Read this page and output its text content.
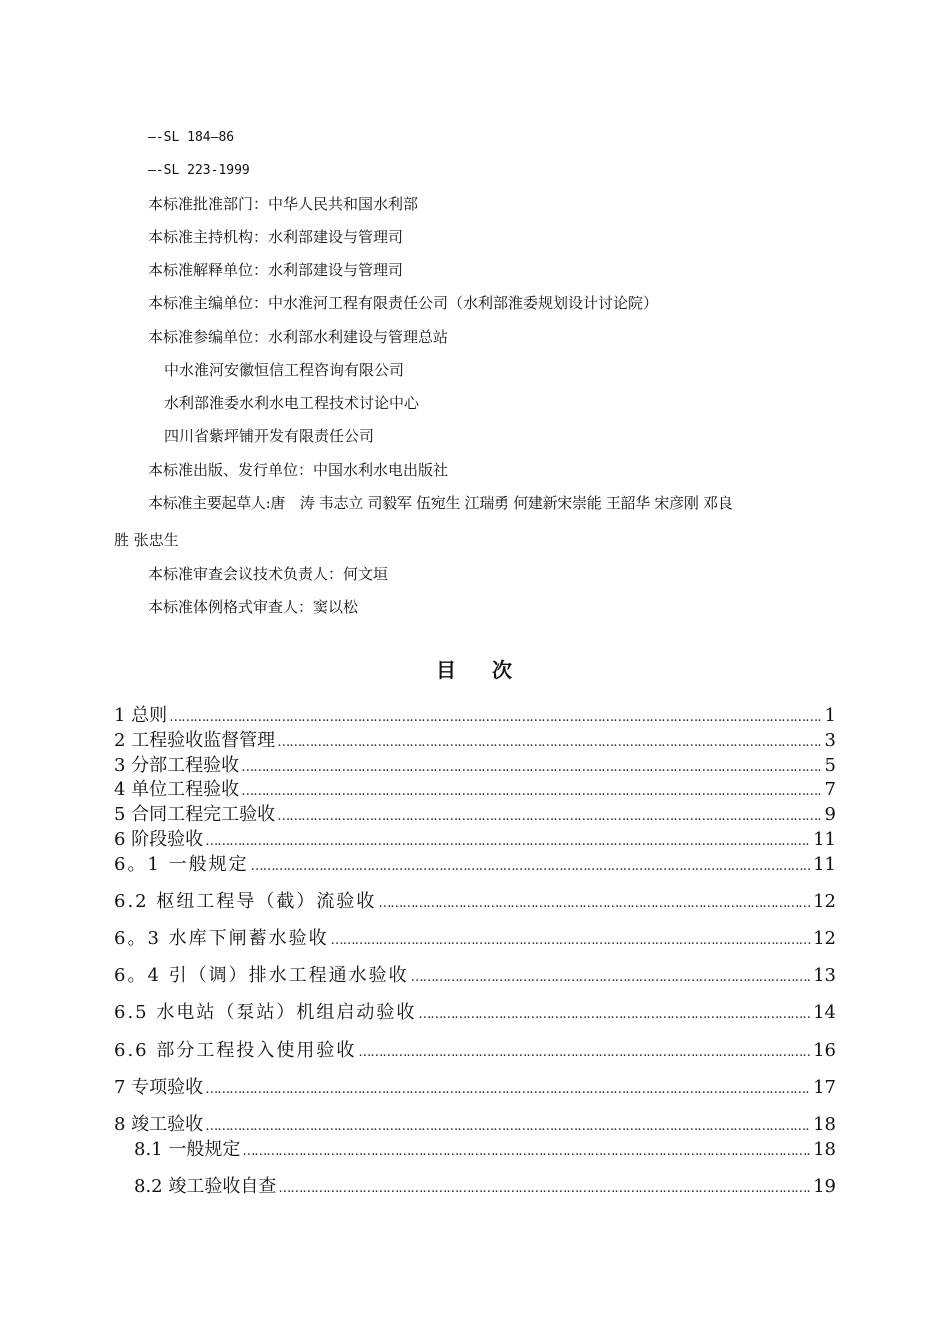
—-SL 184—86
—-SL 223-1999
本标准批准部门：中华人民共和国水利部
本标准主持机构：水利部建设与管理司
本标准解释单位：水利部建设与管理司
本标准主编单位：中水淮河工程有限责任公司（水利部淮委规划设计讨论院）
本标准参编单位：水利部水利建设与管理总站
中水淮河安徽恒信工程咨询有限公司
水利部淮委水利水电工程技术讨论中心
四川省紫坪铺开发有限责任公司
本标准出版、发行单位：中国水利水电出版社
本标准主要起草人:唐　涛 韦志立 司毅军 伍宛生 江瑞勇 何建新宋崇能 王韶华 宋彦刚 邓良
胜 张忠生
本标准审查会议技术负责人：何文垣
本标准体例格式审查人：窦以松
目 次
1 总则 …………………………………………………………………………………………………………………………………………………………………………………………………………………	1
2 工程验收监督管理 …………………………………………………………………………………………………………………………………………………………………………………………………………………	3
3 分部工程验收 …………………………………………………………………………………………………………………………………………………………………………………………………………………	5
4 单位工程验收 …………………………………………………………………………………………………………………………………………………………………………………………………………………	7
5 合同工程完工验收 …………………………………………………………………………………………………………………………………………………………………………………………………………………	9
6 阶段验收 …………………………………………………………………………………………………………………………………………………………………………………………………………………	11
6。1 一般规定 …………………………………………………………………………………………………………………………………………………………………………………………………………………	11
6.2 枢纽工程导（截）流验收 …………………………………………………………………………………………………………………………………………………………………………………………………………………	12
6。3 水库下闸蓄水验收 …………………………………………………………………………………………………………………………………………………………………………………………………………………	12
6。4 引（调）排水工程通水验收 …………………………………………………………………………………………………………………………………………………………………………………………………………………	13
6.5 水电站（泵站）机组启动验收 …………………………………………………………………………………………………………………………………………………………………………………………………………………	14
6.6 部分工程投入使用验收 …………………………………………………………………………………………………………………………………………………………………………………………………………………	16
7 专项验收 …………………………………………………………………………………………………………………………………………………………………………………………………………………	17
8 竣工验收 …………………………………………………………………………………………………………………………………………………………………………………………………………………	18
8.1 一般规定 …………………………………………………………………………………………………………………………………………………………………………………………………………………	18
8.2 竣工验收自查 …………………………………………………………………………………………………………………………………………………………………………………………………………………	19
